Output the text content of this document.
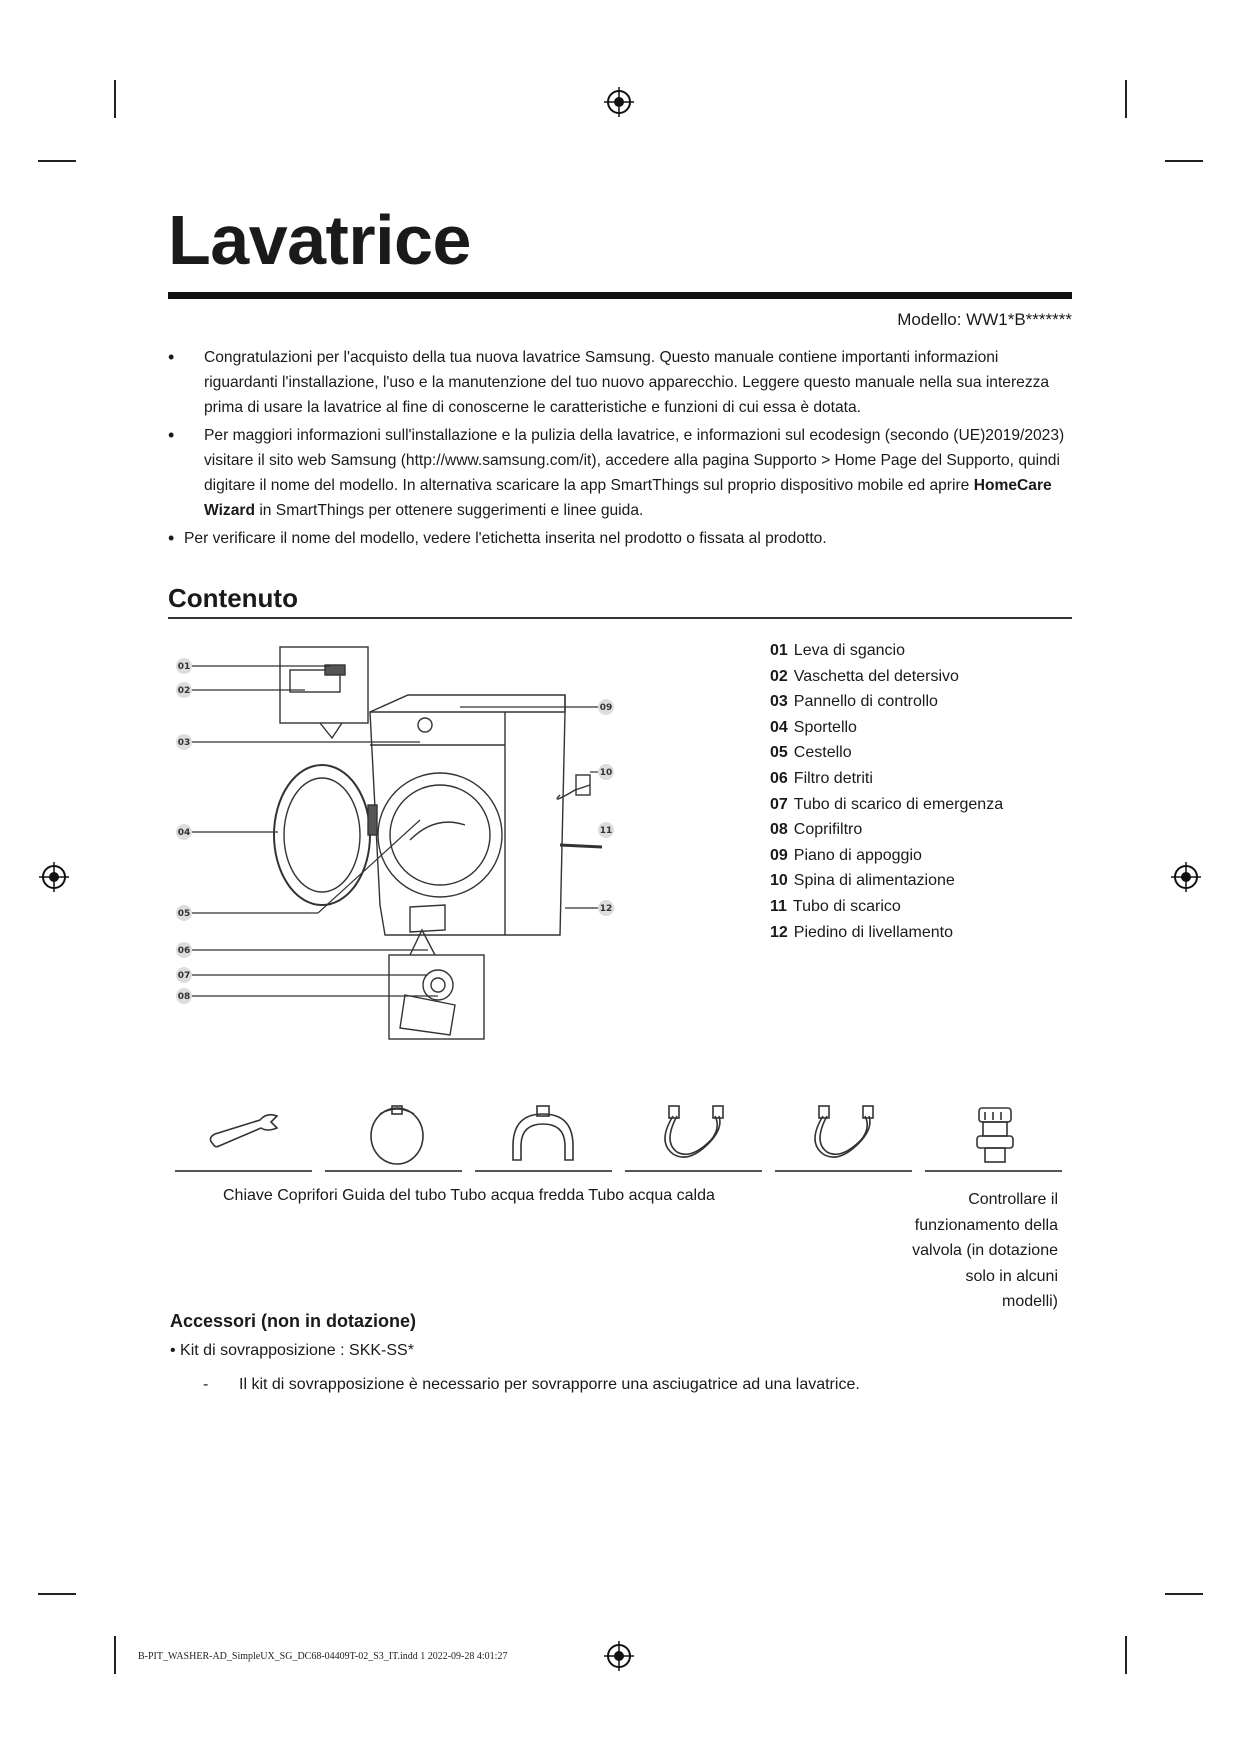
Lavatrice
Modello: WW1*B*******
• Congratulazioni per l'acquisto della tua nuova lavatrice Samsung. Questo manuale contiene importanti informazioni riguardanti l'installazione, l'uso e la manutenzione del tuo nuovo apparecchio. Leggere questo manuale nella sua interezza prima di usare la lavatrice al fine di conoscerne le caratteristiche e funzioni di cui essa è dotata.
• Per maggiori informazioni sull'installazione e la pulizia della lavatrice, e informazioni sul ecodesign (secondo (UE)2019/2023) visitare il sito web Samsung (http://www.samsung.com/it), accedere alla pagina Supporto > Home Page del Supporto, quindi digitare il nome del modello. In alternativa scaricare la app SmartThings sul proprio dispositivo mobile ed aprire HomeCare Wizard in SmartThings per ottenere suggerimenti e linee guida.
• Per verificare il nome del modello, vedere l'etichetta inserita nel prodotto o fissata al prodotto.
Contenuto
01
02
03
04
05
06
07
08
09
10
11
12
01 Leva di sgancio
02 Vaschetta del detersivo
03 Pannello di controllo
04 Sportello
05 Cestello
06 Filtro detriti
07 Tubo di scarico di emergenza
08 Coprifiltro
09 Piano di appoggio
10 Spina di alimentazione
11 Tubo di scarico
12 Piedino di livellamento
Chiave Coprifori Guida del tubo Tubo acqua fredda Tubo acqua calda	Controllare il funzionamento della valvola (in dotazione solo in alcuni modelli)
Accessori (non in dotazione)
• Kit di sovrapposizione : SKK-SS*
- Il kit di sovrapposizione è necessario per sovrapporre una asciugatrice ad una lavatrice.
B-PIT_WASHER-AD_SimpleUX_SG_DC68-04409T-02_S3_IT.indd 1 2022-09-28 4:01:27
